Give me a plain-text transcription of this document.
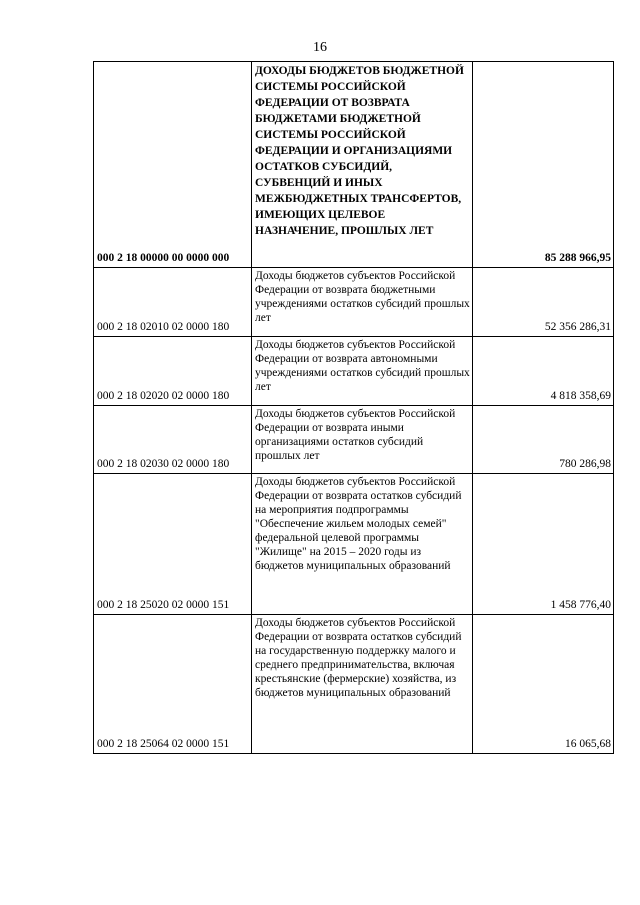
16
000 2 18 00000 00 0000 000	ДОХОДЫ БЮДЖЕТОВ БЮДЖЕТНОЙ СИСТЕМЫ РОССИЙСКОЙ ФЕДЕРАЦИИ ОТ ВОЗВРАТА БЮДЖЕТАМИ БЮДЖЕТНОЙ СИСТЕМЫ РОССИЙСКОЙ ФЕДЕРАЦИИ И ОРГАНИЗАЦИЯМИ ОСТАТКОВ СУБСИДИЙ, СУБВЕНЦИЙ И ИНЫХ МЕЖБЮДЖЕТНЫХ ТРАНСФЕРТОВ, ИМЕЮЩИХ ЦЕЛЕВОЕ НАЗНАЧЕНИЕ, ПРОШЛЫХ ЛЕТ	85 288 966,95
000 2 18 02010 02 0000 180	Доходы бюджетов субъектов Российской Федерации от возврата бюджетными учреждениями остатков субсидий прошлых лет	52 356 286,31
000 2 18 02020 02 0000 180	Доходы бюджетов субъектов Российской Федерации от возврата автономными учреждениями остатков субсидий прошлых лет	4 818 358,69
000 2 18 02030 02 0000 180	Доходы бюджетов субъектов Российской Федерации от возврата иными организациями остатков субсидий прошлых лет	780 286,98
000 2 18 25020 02 0000 151	Доходы бюджетов субъектов Российской Федерации от возврата остатков субсидий на мероприятия подпрограммы "Обеспечение жильем молодых семей" федеральной целевой программы "Жилище" на 2015 – 2020 годы из бюджетов муниципальных образований	1 458 776,40
000 2 18 25064 02 0000 151	Доходы бюджетов субъектов Российской Федерации от возврата остатков субсидий на государственную поддержку малого и среднего предпринимательства, включая крестьянские (фермерские) хозяйства, из бюджетов муниципальных образований	16 065,68
